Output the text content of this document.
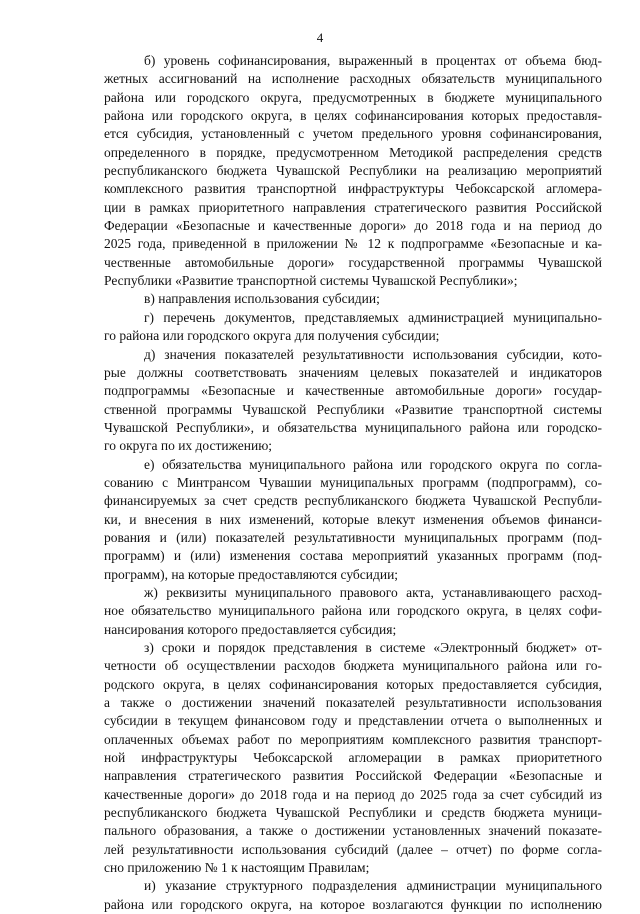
4
б) уровень софинансирования, выраженный в процентах от объема бюд-
жетных ассигнований на исполнение расходных обязательств муниципального
района или городского округа, предусмотренных в бюджете муниципального
района или городского округа, в целях софинансирования которых предоставля-
ется субсидия, установленный с учетом предельного уровня софинансирования,
определенного в порядке, предусмотренном Методикой распределения средств
республиканского бюджета Чувашской Республики на реализацию мероприятий
комплексного развития транспортной инфраструктуры Чебоксарской агломера-
ции в рамках приоритетного направления стратегического развития Российской
Федерации «Безопасные и качественные дороги» до 2018 года и на период до
2025 года, приведенной в приложении № 12 к подпрограмме «Безопасные и ка-
чественные автомобильные дороги» государственной программы Чувашской
Республики «Развитие транспортной системы Чувашской Республики»;
в) направления использования субсидии;
г) перечень документов, представляемых администрацией муниципально-
го района или городского округа для получения субсидии;
д) значения показателей результативности использования субсидии, кото-
рые должны соответствовать значениям целевых показателей и индикаторов
подпрограммы «Безопасные и качественные автомобильные дороги» государ-
ственной программы Чувашской Республики «Развитие транспортной системы
Чувашской Республики», и обязательства муниципального района или городско-
го округа по их достижению;
е) обязательства муниципального района или городского округа по согла-
сованию с Минтрансом Чувашии муниципальных программ (подпрограмм), со-
финансируемых за счет средств республиканского бюджета Чувашской Республи-
ки, и внесения в них изменений, которые влекут изменения объемов финанси-
рования и (или) показателей результативности муниципальных программ (под-
программ) и (или) изменения состава мероприятий указанных программ (под-
программ), на которые предоставляются субсидии;
ж) реквизиты муниципального правового акта, устанавливающего расход-
ное обязательство муниципального района или городского округа, в целях софи-
нансирования которого предоставляется субсидия;
з) сроки и порядок представления в системе «Электронный бюджет» от-
четности об осуществлении расходов бюджета муниципального района или го-
родского округа, в целях софинансирования которых предоставляется субсидия,
а также о достижении значений показателей результативности использования
субсидии в текущем финансовом году и представлении отчета о выполненных и
оплаченных объемах работ по мероприятиям комплексного развития транспорт-
ной инфраструктуры Чебоксарской агломерации в рамках приоритетного
направления стратегического развития Российской Федерации «Безопасные и
качественные дороги» до 2018 года и на период до 2025 года за счет субсидий из
республиканского бюджета Чувашской Республики и средств бюджета муници-
пального образования, а также о достижении установленных значений показате-
лей результативности использования субсидий (далее – отчет) по форме согла-
сно приложению № 1 к настоящим Правилам;
и) указание структурного подразделения администрации муниципального
района или городского округа, на которое возлагаются функции по исполнению
